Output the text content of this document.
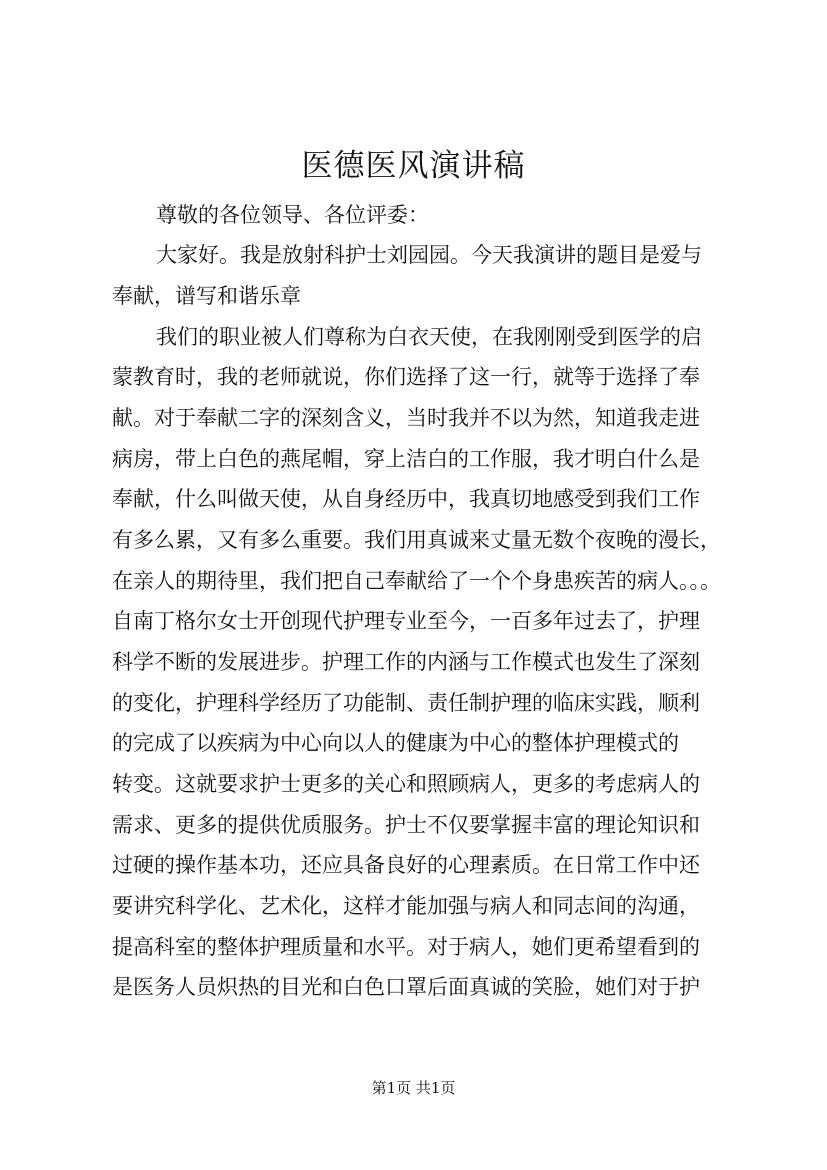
医德医风演讲稿
尊敬的各位领导、各位评委：
大家好。我是放射科护士刘园园。今天我演讲的题目是爱与
奉献，谱写和谐乐章
我们的职业被人们尊称为白衣天使，在我刚刚受到医学的启
蒙教育时，我的老师就说，你们选择了这一行，就等于选择了奉
献。对于奉献二字的深刻含义，当时我并不以为然，知道我走进
病房，带上白色的燕尾帽，穿上洁白的工作服，我才明白什么是
奉献，什么叫做天使，从自身经历中，我真切地感受到我们工作
有多么累，又有多么重要。我们用真诚来丈量无数个夜晚的漫长，
在亲人的期待里，我们把自己奉献给了一个个身患疾苦的病人。。。
自南丁格尔女士开创现代护理专业至今，一百多年过去了，护理
科学不断的发展进步。护理工作的内涵与工作模式也发生了深刻
的变化，护理科学经历了功能制、责任制护理的临床实践，顺利
的完成了以疾病为中心向以人的健康为中心的整体护理模式的
转变。这就要求护士更多的关心和照顾病人，更多的考虑病人的
需求、更多的提供优质服务。护士不仅要掌握丰富的理论知识和
过硬的操作基本功，还应具备良好的心理素质。在日常工作中还
要讲究科学化、艺术化，这样才能加强与病人和同志间的沟通，
提高科室的整体护理质量和水平。对于病人，她们更希望看到的
是医务人员炽热的目光和白色口罩后面真诚的笑脸，她们对于护
第1页 共1页
